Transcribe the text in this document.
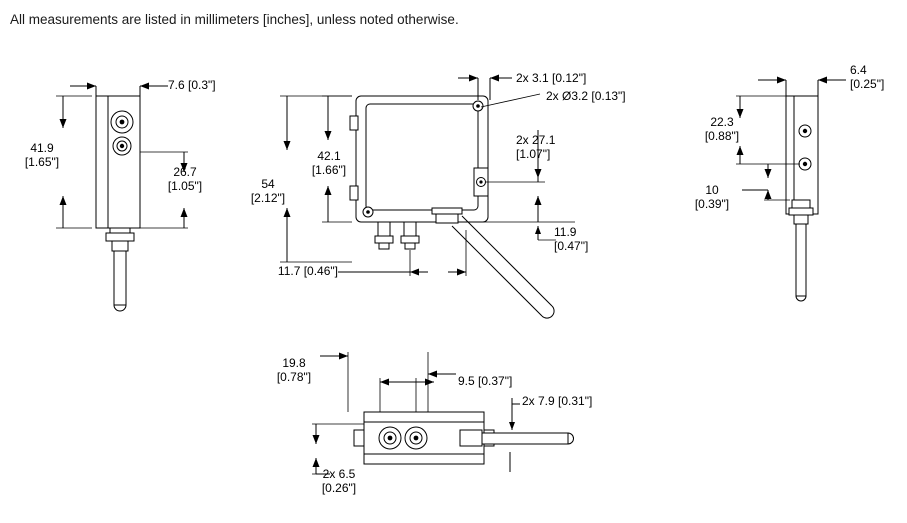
All measurements are listed in millimeters [inches], unless noted otherwise.
7.6 [0.3"]
41.9
[1.65"]
26.7
[1.05"]
2x 3.1 [0.12"]
2x Ø3.2 [0.13"]
2x 27.1
[1.07"]
42.1
[1.66"]
54
[2.12"]
11.9
[0.47"]
11.7 [0.46"]
6.4
[0.25"]
22.3
[0.88"]
10
[0.39"]
19.8
[0.78"]	9.5 [0.37"]
2x 7.9 [0.31"]
2x 6.5
[0.26"]
